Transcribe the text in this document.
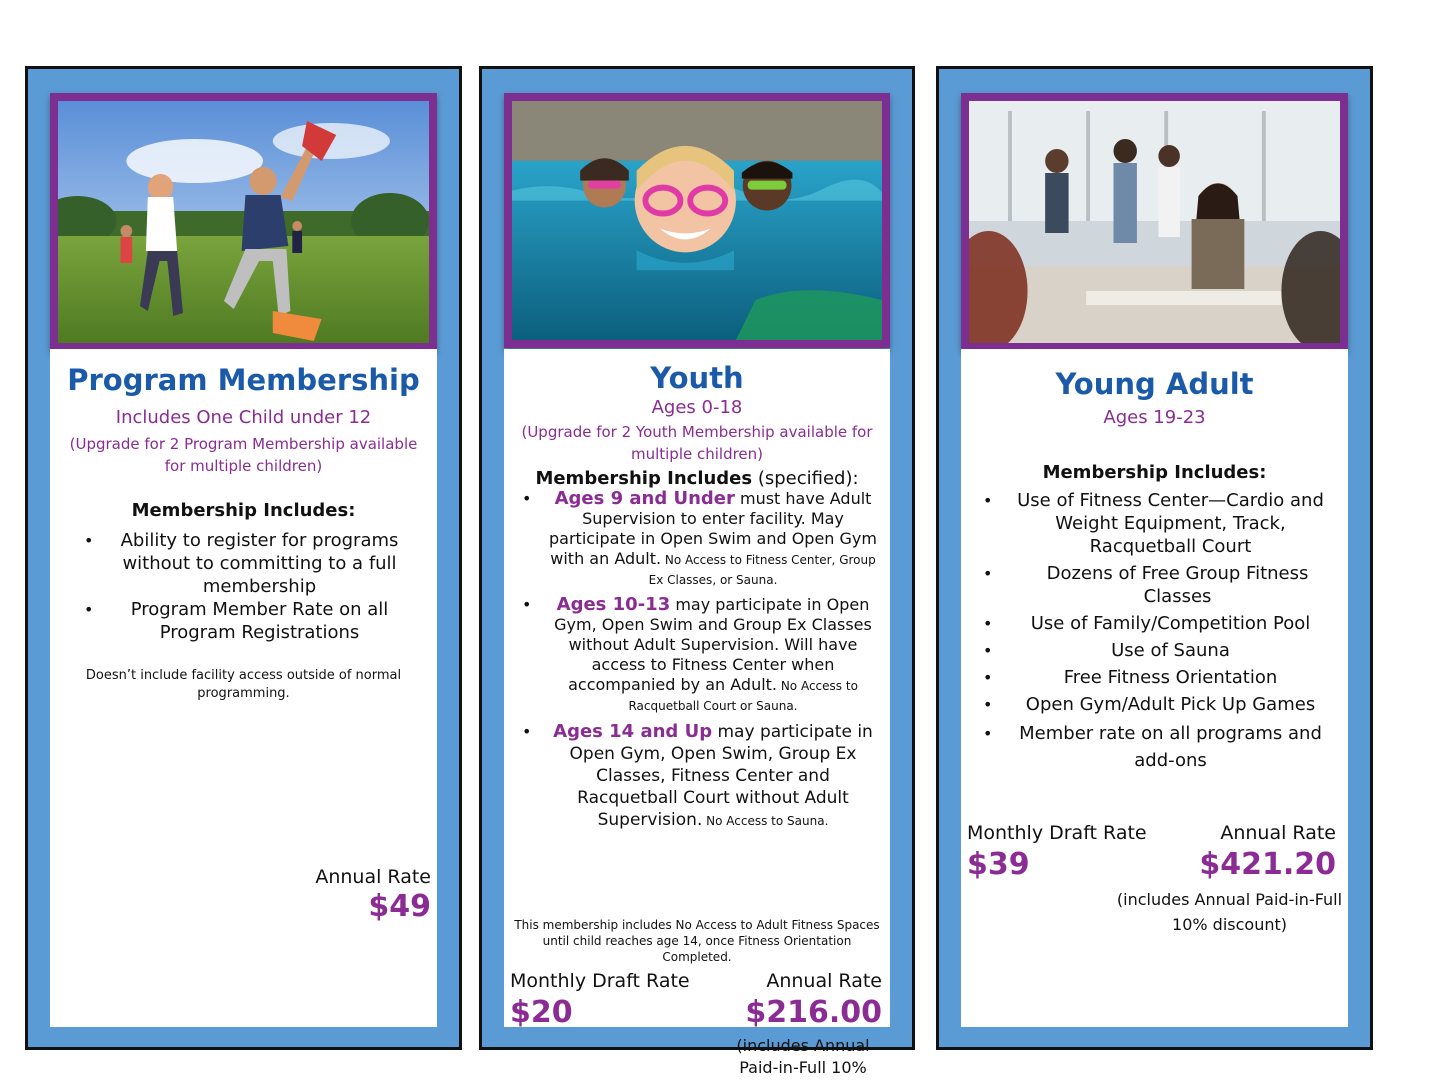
Program Membership

Includes One Child under 12

(Upgrade for 2 Program Membership available for multiple children)

Membership Includes:

• Ability to register for programs without to committing to a full membership
• Program Member Rate on all Program Registrations

Doesn’t include facility access outside of normal programming.

Annual Rate

$49

Youth

Ages 0-18

(Upgrade for 2 Youth Membership available for multiple children)

Membership Includes (specified):

• Ages 9 and Under must have Adult Supervision to enter facility. May participate in Open Swim and Open Gym with an Adult. No Access to Fitness Center, Group Ex Classes, or Sauna.
• Ages 10-13 may participate in Open Gym, Open Swim and Group Ex Classes without Adult Supervision. Will have access to Fitness Center when accompanied by an Adult. No Access to Racquetball Court or Sauna.
• Ages 14 and Up may participate in Open Gym, Open Swim, Group Ex Classes, Fitness Center and Racquetball Court without Adult Supervision. No Access to Sauna.

This membership includes No Access to Adult Fitness Spaces until child reaches age 14, once Fitness Orientation Completed.

Monthly Draft Rate	Annual Rate

$20	$216.00

(includes Annual Paid-in-Full 10%

Young Adult

Ages 19-23

Membership Includes:

• Use of Fitness Center—Cardio and Weight Equipment, Track, Racquetball Court
• Dozens of Free Group Fitness Classes
• Use of Family/Competition Pool
• Use of Sauna
• Free Fitness Orientation
• Open Gym/Adult Pick Up Games
• Member rate on all programs and add-ons

Monthly Draft Rate	Annual Rate

$39	$421.20

(includes Annual Paid-in-Full 10% discount)
